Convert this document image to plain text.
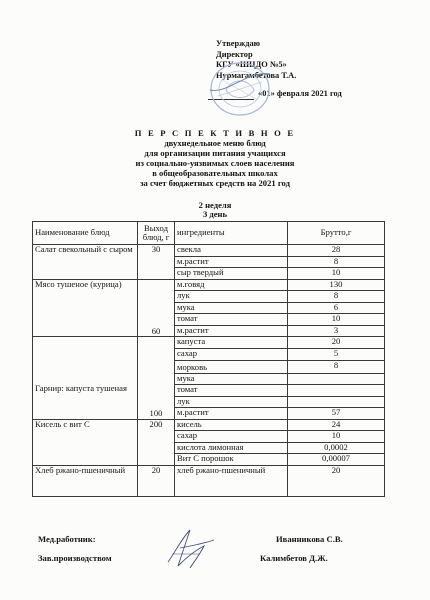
Утверждаю
Директор
КГУ «ШЦДО №5»
Нурмагамбетова Т.А.
«01» февраля 2021 год
П Е Р С П Е К Т И В Н О Е
двухнедельное меню блюд
для организации питания учащихся
из социально-уязвимых слоев населения
в общеобразовательных школах
за счет бюджетных средств на 2021 год
2 неделя
3 день
Наименование блюд	Выход блюд, г	ингредиенты	Брутто,г
Салат свекольный с сыром	30	свекла	28
		м.растит	8
		сыр твердый	10
Мясо тушеное (курица)	60	м.говяд	130
		лук	8
		мука	6
		томат	10
		м.растит	3
Гарнир: капуста тушеная	100	капуста	20
		сахар	5
		морковь	8
		мука	
		томат	
		лук	
		м.растит	57
Кисель с вит С	200	кисель	24
		сахар	10
		кислота лимонная	0,0002
		Вит С порошок	0,00007
Хлеб ржано-пшеничный	20	хлеб ржано-пшеничный	20
Мед.работник:	Иванникова С.В.
Зав.производством	Калимбетов Д.Ж.
